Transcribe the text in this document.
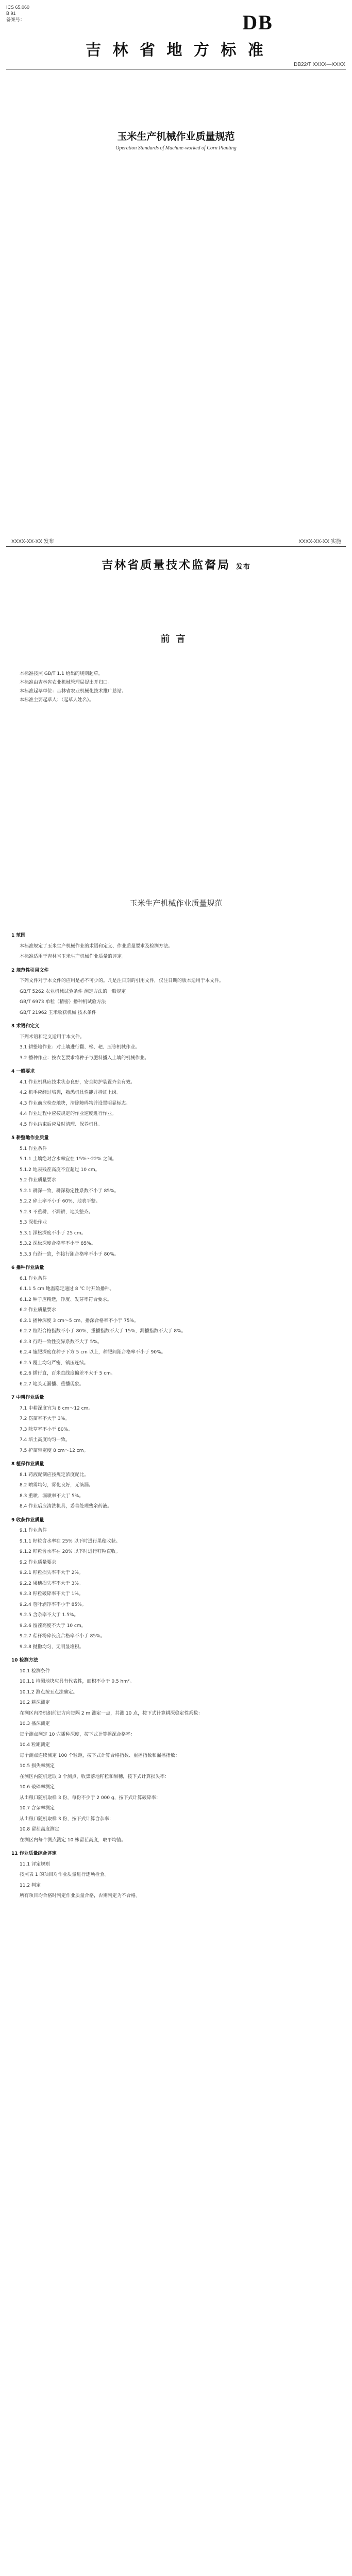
ICS 65.060
B 91
备案号：	DB
吉 林 省 地 方 标 准
DB22/T XXXX—XXXX
玉米生产机械作业质量规范
Operation Standards of Machine-worked of Corn Planting
XXXX-XX-XX 发布	XXXX-XX-XX 实施
吉林省质量技术监督局 发布
前言
本标准按照 GB/T 1.1 给出的规则起草。
本标准由吉林省农业机械管理局提出并归口。
本标准起草单位：吉林省农业机械化技术推广总站。
本标准主要起草人：（起草人姓名）。
玉米生产机械作业质量规范
1 范围
本标准规定了玉米生产机械作业的术语和定义、作业质量要求及检测方法。
本标准适用于吉林省玉米生产机械作业质量的评定。
2 规范性引用文件
下列文件对于本文件的应用是必不可少的。凡是注日期的引用文件，仅注日期的版本适用于本文件。
GB/T 5262 农业机械试验条件 测定方法的一般规定
GB/T 6973 单粒（精密）播种机试验方法
GB/T 21962 玉米收获机械 技术条件
3 术语和定义
下列术语和定义适用于本文件。
3.1 耕整地作业：对土壤进行翻、松、耙、压等机械作业。
3.2 播种作业：按农艺要求将种子与肥料播入土壤的机械作业。
4 一般要求
4.1 作业机具应技术状态良好，安全防护装置齐全有效。
4.2 机手应经过培训，熟悉机具性能并持证上岗。
4.3 作业前应检查地块，清除障碍物并设置明显标志。
4.4 作业过程中应按规定的作业速度进行作业。
4.5 作业结束后应及时清理、保养机具。
5 耕整地作业质量
5.1 作业条件
5.1.1 土壤绝对含水率宜在 15%～22% 之间。
5.1.2 地表残茬高度不宜超过 10 cm。
5.2 作业质量要求
5.2.1 耕深一致，耕深稳定性系数不小于 85%。
5.2.2 碎土率不小于 60%，地表平整。
5.2.3 不重耕、不漏耕，地头整齐。
5.3 深松作业
5.3.1 深松深度不小于 25 cm。
5.3.2 深松深度合格率不小于 85%。
5.3.3 行距一致，邻接行距合格率不小于 80%。
6 播种作业质量
6.1 作业条件
6.1.1 5 cm 地温稳定通过 8 ℃ 时开始播种。
6.1.2 种子应精选，净度、发芽率符合要求。
6.2 作业质量要求
6.2.1 播种深度 3 cm～5 cm，播深合格率不小于 75%。
6.2.2 粒距合格指数不小于 80%，重播指数不大于 15%，漏播指数不大于 8%。
6.2.3 行距一致性变异系数不大于 5%。
6.2.4 施肥深度在种子下方 5 cm 以上，种肥间距合格率不小于 90%。
6.2.5 覆土均匀严密，镇压连续。
6.2.6 播行直，百米直线度偏差不大于 5 cm。
6.2.7 地头无漏播、重播现象。
7 中耕作业质量
7.1 中耕深度宜为 8 cm～12 cm。
7.2 伤苗率不大于 3%。
7.3 除草率不小于 80%。
7.4 培土高度均匀一致。
7.5 护苗带宽度 8 cm～12 cm。
8 植保作业质量
8.1 药液配制应按规定浓度配比。
8.2 喷雾均匀，雾化良好，无滴漏。
8.3 重喷、漏喷率不大于 5%。
8.4 作业后应清洗机具，妥善处理残余药液。
9 收获作业质量
9.1 作业条件
9.1.1 籽粒含水率在 25% 以下时进行果穗收获。
9.1.2 籽粒含水率在 28% 以下时进行籽粒直收。
9.2 作业质量要求
9.2.1 籽粒损失率不大于 2%。
9.2.2 果穗损失率不大于 3%。
9.2.3 籽粒破碎率不大于 1%。
9.2.4 苞叶剥净率不小于 85%。
9.2.5 含杂率不大于 1.5%。
9.2.6 留茬高度不大于 10 cm。
9.2.7 秸秆粉碎长度合格率不小于 85%。
9.2.8 抛撒均匀，无明显堆积。
10 检测方法
10.1 检测条件
10.1.1 检测地块应具有代表性，面积不小于 0.5 hm²。
10.1.2 测点按五点法确定。
10.2 耕深测定
在测区内沿机组前进方向每隔 2 m 测定一点，共测 10 点，按下式计算耕深稳定性系数：
10.3 播深测定
每个测点测定 10 穴播种深度，按下式计算播深合格率：
10.4 粒距测定
每个测点连续测定 100 个粒距，按下式计算合格指数、重播指数和漏播指数：
10.5 损失率测定
在测区内随机选取 3 个测点，收集落地籽粒和果穗，按下式计算损失率：
10.6 破碎率测定
从出粮口随机取样 3 份，每份不少于 2 000 g，按下式计算破碎率：
10.7 含杂率测定
从出粮口随机取样 3 份，按下式计算含杂率：
10.8 留茬高度测定
在测区内每个测点测定 10 株留茬高度，取平均值。
11 作业质量综合评定
11.1 评定规则
按照表 1 的项目对作业质量进行逐项检验。
11.2 判定
所有项目均合格时判定作业质量合格，否则判定为不合格。
